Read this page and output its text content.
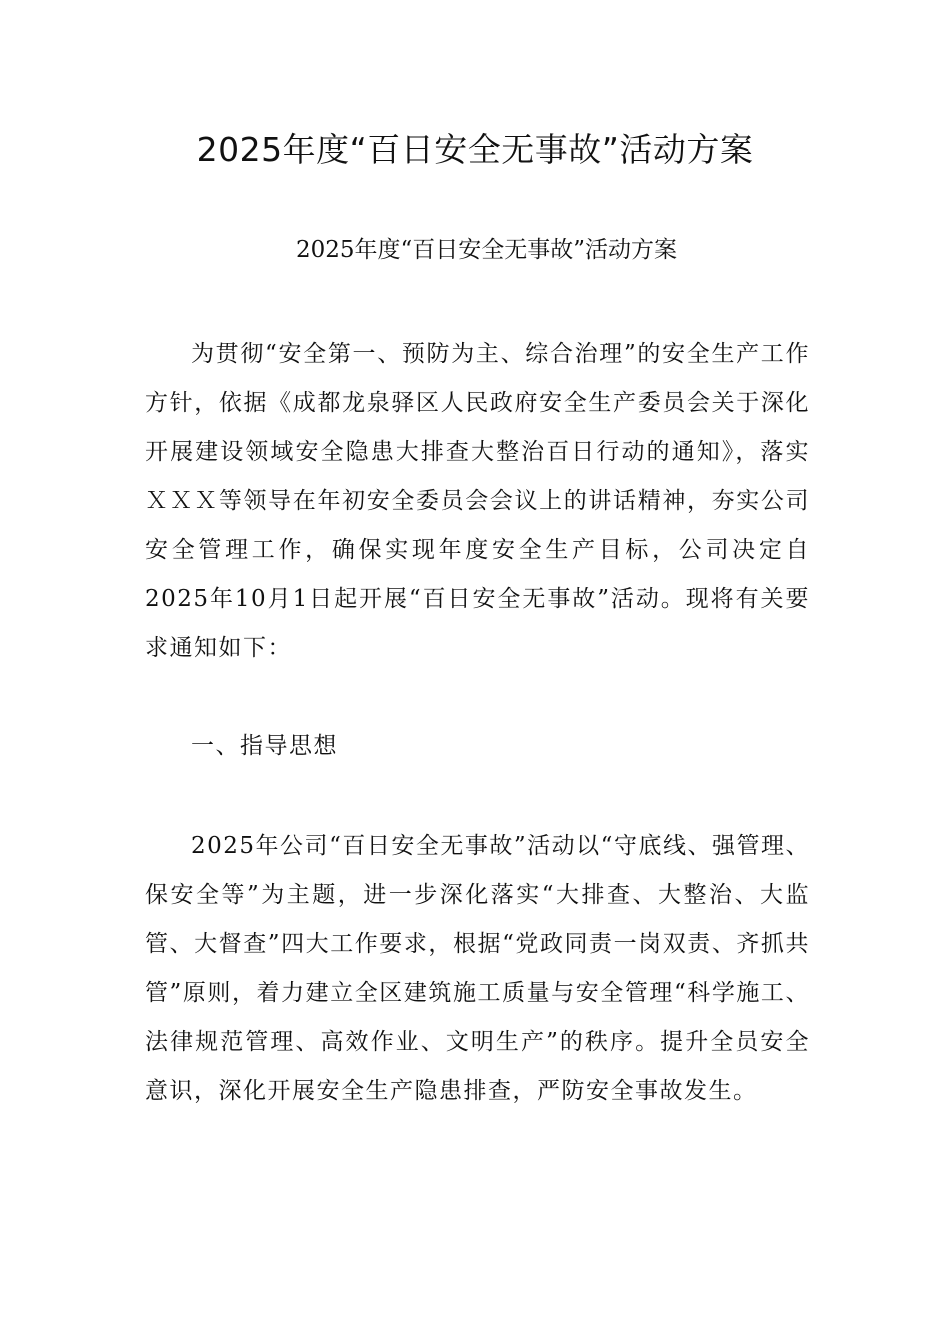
2025年度“百日安全无事故”活动方案

2025年度“百日安全无事故”活动方案

为贯彻“安全第一、预防为主、综合治理”的安全生产工作方针，依据《成都龙泉驿区人民政府安全生产委员会关于深化开展建设领域安全隐患大排查大整治百日行动的通知》，落实ＸＸＸ等领导在年初安全委员会会议上的讲话精神，夯实公司安全管理工作，确保实现年度安全生产目标，公司决定自2025年10月1日起开展“百日安全无事故”活动。现将有关要求通知如下：

一、指导思想

2025年公司“百日安全无事故”活动以“守底线、强管理、保安全等”为主题，进一步深化落实“大排查、大整治、大监管、大督查”四大工作要求，根据“党政同责一岗双责、齐抓共管”原则，着力建立全区建筑施工质量与安全管理“科学施工、法律规范管理、高效作业、文明生产”的秩序。提升全员安全意识，深化开展安全生产隐患排查，严防安全事故发生。
